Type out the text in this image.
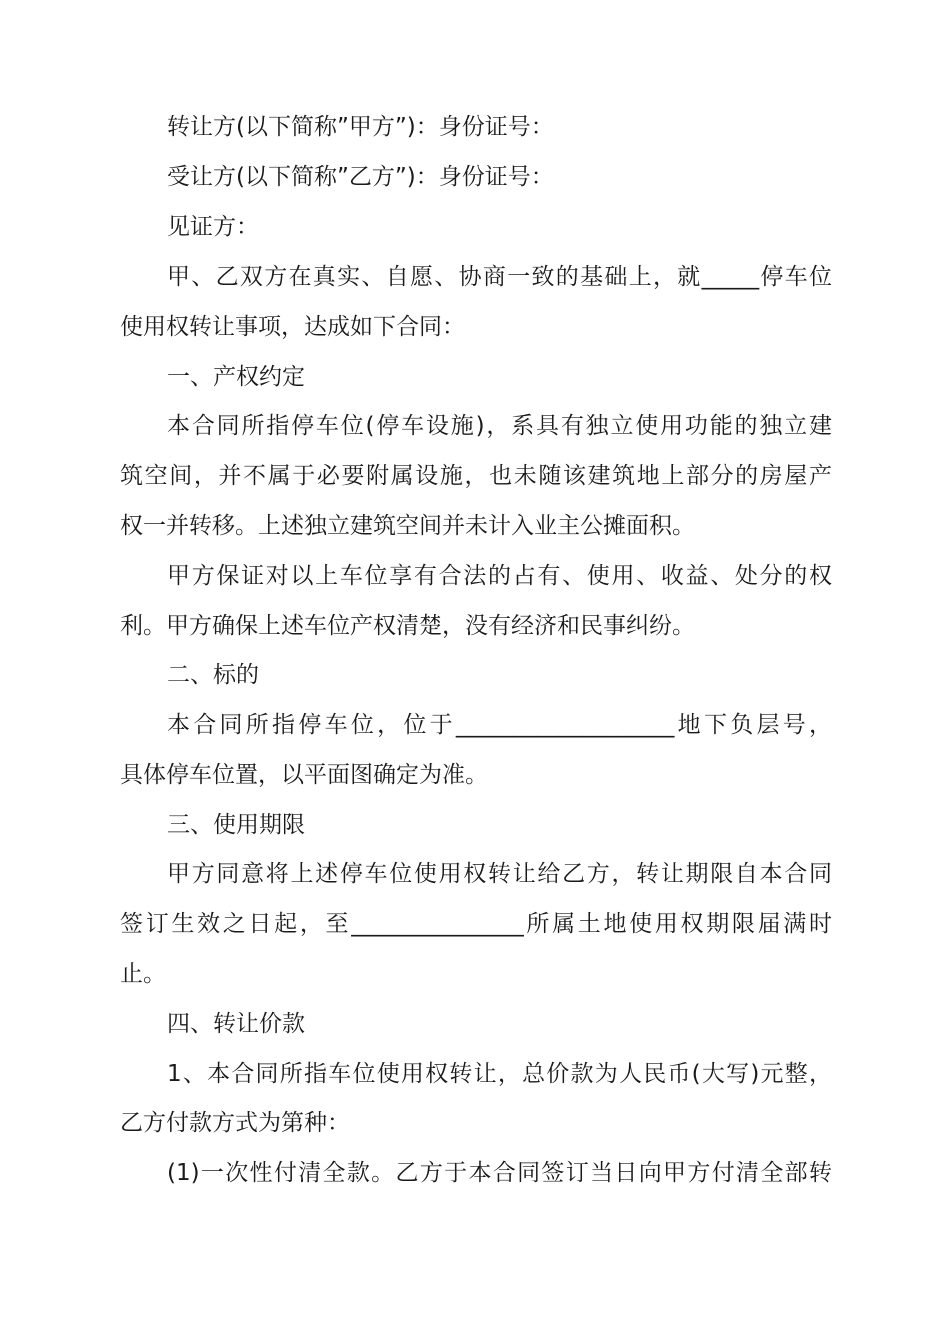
转让方(以下简称”甲方”)：身份证号：
受让方(以下简称”乙方”)：身份证号：
见证方：
甲、乙双方在真实、自愿、协商一致的基础上，就_____停车位
使用权转让事项，达成如下合同：
一、产权约定
本合同所指停车位(停车设施)，系具有独立使用功能的独立建
筑空间，并不属于必要附属设施，也未随该建筑地上部分的房屋产
权一并转移。上述独立建筑空间并未计入业主公摊面积。
甲方保证对以上车位享有合法的占有、使用、收益、处分的权
利。甲方确保上述车位产权清楚，没有经济和民事纠纷。
二、标的
本合同所指停车位，位于___________________地下负层号，
具体停车位置，以平面图确定为准。
三、使用期限
甲方同意将上述停车位使用权转让给乙方，转让期限自本合同
签订生效之日起，至_______________所属土地使用权期限届满时
止。
四、转让价款
1、本合同所指车位使用权转让，总价款为人民币(大写)元整，
乙方付款方式为第种：
(1)一次性付清全款。乙方于本合同签订当日向甲方付清全部转
